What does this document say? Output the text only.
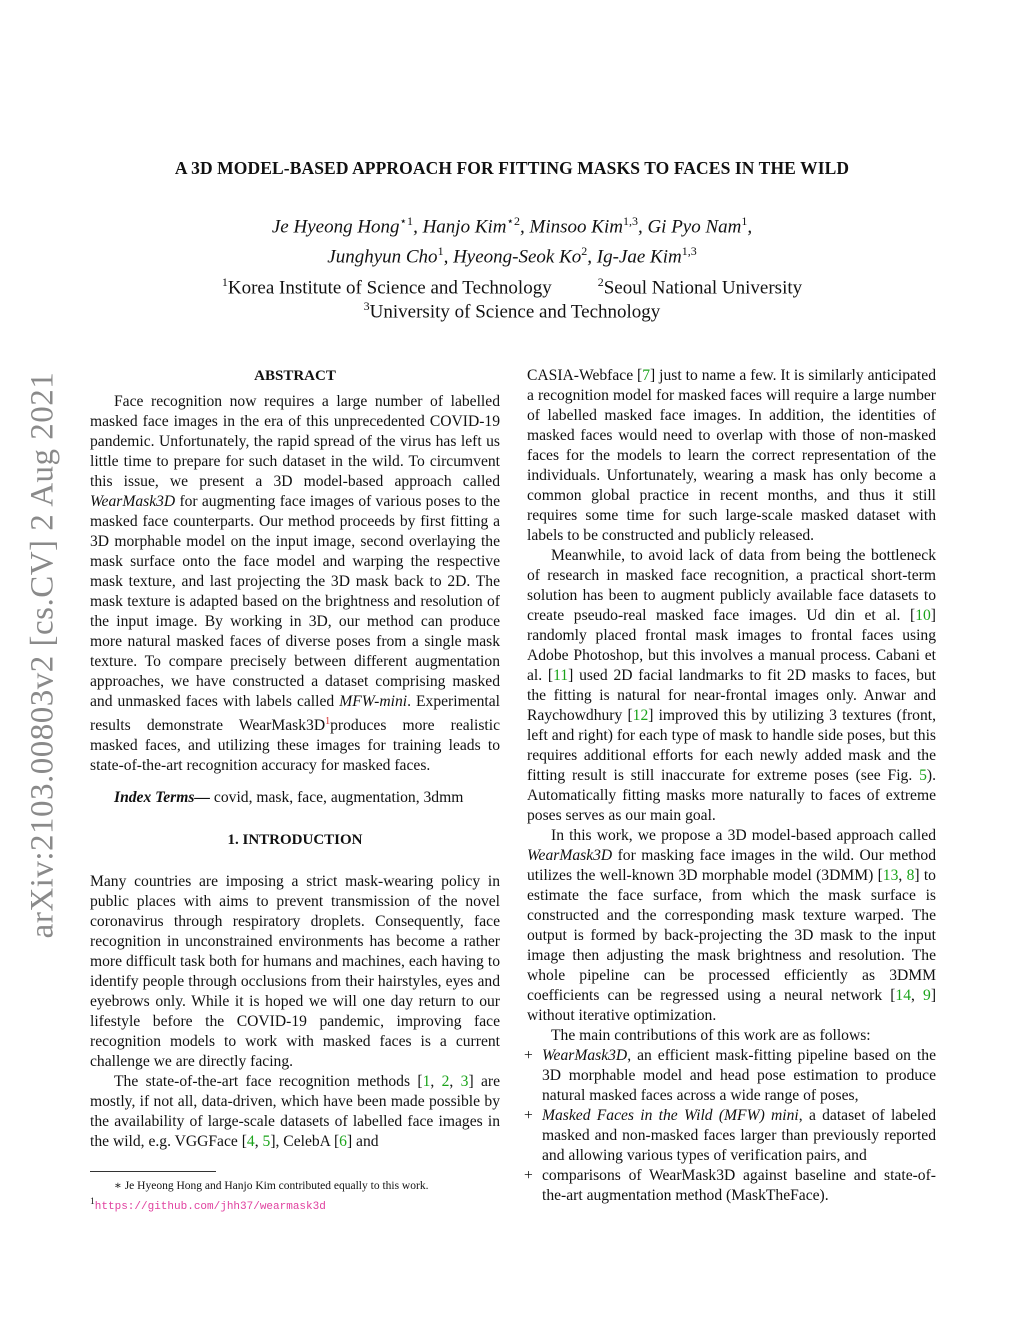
arXiv:2103.00803v2 [cs.CV] 2 Aug 2021
A 3D MODEL-BASED APPROACH FOR FITTING MASKS TO FACES IN THE WILD
Je Hyeong Hong$^{⋆1}$, Hanjo Kim$^{⋆2}$, Minsoo Kim$^{1,3}$, Gi Pyo Nam$^1$,
Junghyun Cho$^1$, Hyeong-Seok Ko$^2$, Ig-Jae Kim$^{1,3}$
$^1$Korea Institute of Science and Technology	$^2$Seoul National University
$^3$University of Science and Technology
ABSTRACT

Face recognition now requires a large number of labelled masked face images in the era of this unprecedented COVID-19 pandemic. Unfortunately, the rapid spread of the virus has left us little time to prepare for such dataset in the wild. To circumvent this issue, we present a 3D model-based approach called WearMask3D for augmenting face images of various poses to the masked face counterparts. Our method proceeds by first fitting a 3D morphable model on the input image, second overlaying the mask surface onto the face model and warping the respective mask texture, and last projecting the 3D mask back to 2D. The mask texture is adapted based on the brightness and resolution of the input image. By working in 3D, our method can produce more natural masked faces of diverse poses from a single mask texture. To compare precisely between different augmentation approaches, we have constructed a dataset comprising masked and unmasked faces with labels called MFW-mini. Experimental results demonstrate WearMask3D$^1$produces more realistic masked faces, and utilizing these images for training leads to state-of-the-art recognition accuracy for masked faces.

Index Terms— covid, mask, face, augmentation, 3dmm

1. INTRODUCTION

Many countries are imposing a strict mask-wearing policy in public places with aims to prevent transmission of the novel coronavirus through respiratory droplets. Consequently, face recognition in unconstrained environments has become a rather more difficult task both for humans and machines, each having to identify people through occlusions from their hairstyles, eyes and eyebrows only. While it is hoped we will one day return to our lifestyle before the COVID-19 pandemic, improving face recognition models to work with masked faces is a current challenge we are directly facing.

The state-of-the-art face recognition methods [1, 2, 3] are mostly, if not all, data-driven, which have been made possible by the availability of large-scale datasets of labelled face images in the wild, e.g. VGGFace [4, 5], CelebA [6] and

∗ Je Hyeong Hong and Hanjo Kim contributed equally to this work.
$^1$https://github.com/jhh37/wearmask3d

CASIA-Webface [7] just to name a few. It is similarly anticipated a recognition model for masked faces will require a large number of labelled masked face images. In addition, the identities of masked faces would need to overlap with those of non-masked faces for the models to learn the correct representation of the individuals. Unfortunately, wearing a mask has only become a common global practice in recent months, and thus it still requires some time for such large-scale masked dataset with labels to be constructed and publicly released.

Meanwhile, to avoid lack of data from being the bottleneck of research in masked face recognition, a practical short-term solution has been to augment publicly available face datasets to create pseudo-real masked face images. Ud din et al. [10] randomly placed frontal mask images to frontal faces using Adobe Photoshop, but this involves a manual process. Cabani et al. [11] used 2D facial landmarks to fit 2D masks to faces, but the fitting is natural for near-frontal images only. Anwar and Raychowdhury [12] improved this by utilizing 3 textures (front, left and right) for each type of mask to handle side poses, but this requires additional efforts for each newly added mask and the fitting result is still inaccurate for extreme poses (see Fig. 5). Automatically fitting masks more naturally to faces of extreme poses serves as our main goal.

In this work, we propose a 3D model-based approach called WearMask3D for masking face images in the wild. Our method utilizes the well-known 3D morphable model (3DMM) [13, 8] to estimate the face surface, from which the mask surface is constructed and the corresponding mask texture warped. The output is formed by back-projecting the 3D mask to the input image then adjusting the mask brightness and resolution. The whole pipeline can be processed efficiently as 3DMM coefficients can be regressed using a neural network [14, 9] without iterative optimization.

The main contributions of this work are as follows:

+ WearMask3D, an efficient mask-fitting pipeline based on the 3D morphable model and head pose estimation to produce natural masked faces across a wide range of poses,
+ Masked Faces in the Wild (MFW) mini, a dataset of labeled masked and non-masked faces larger than previously reported and allowing various types of verification pairs, and
+ comparisons of WearMask3D against baseline and state-of-the-art augmentation method (MaskTheFace).
